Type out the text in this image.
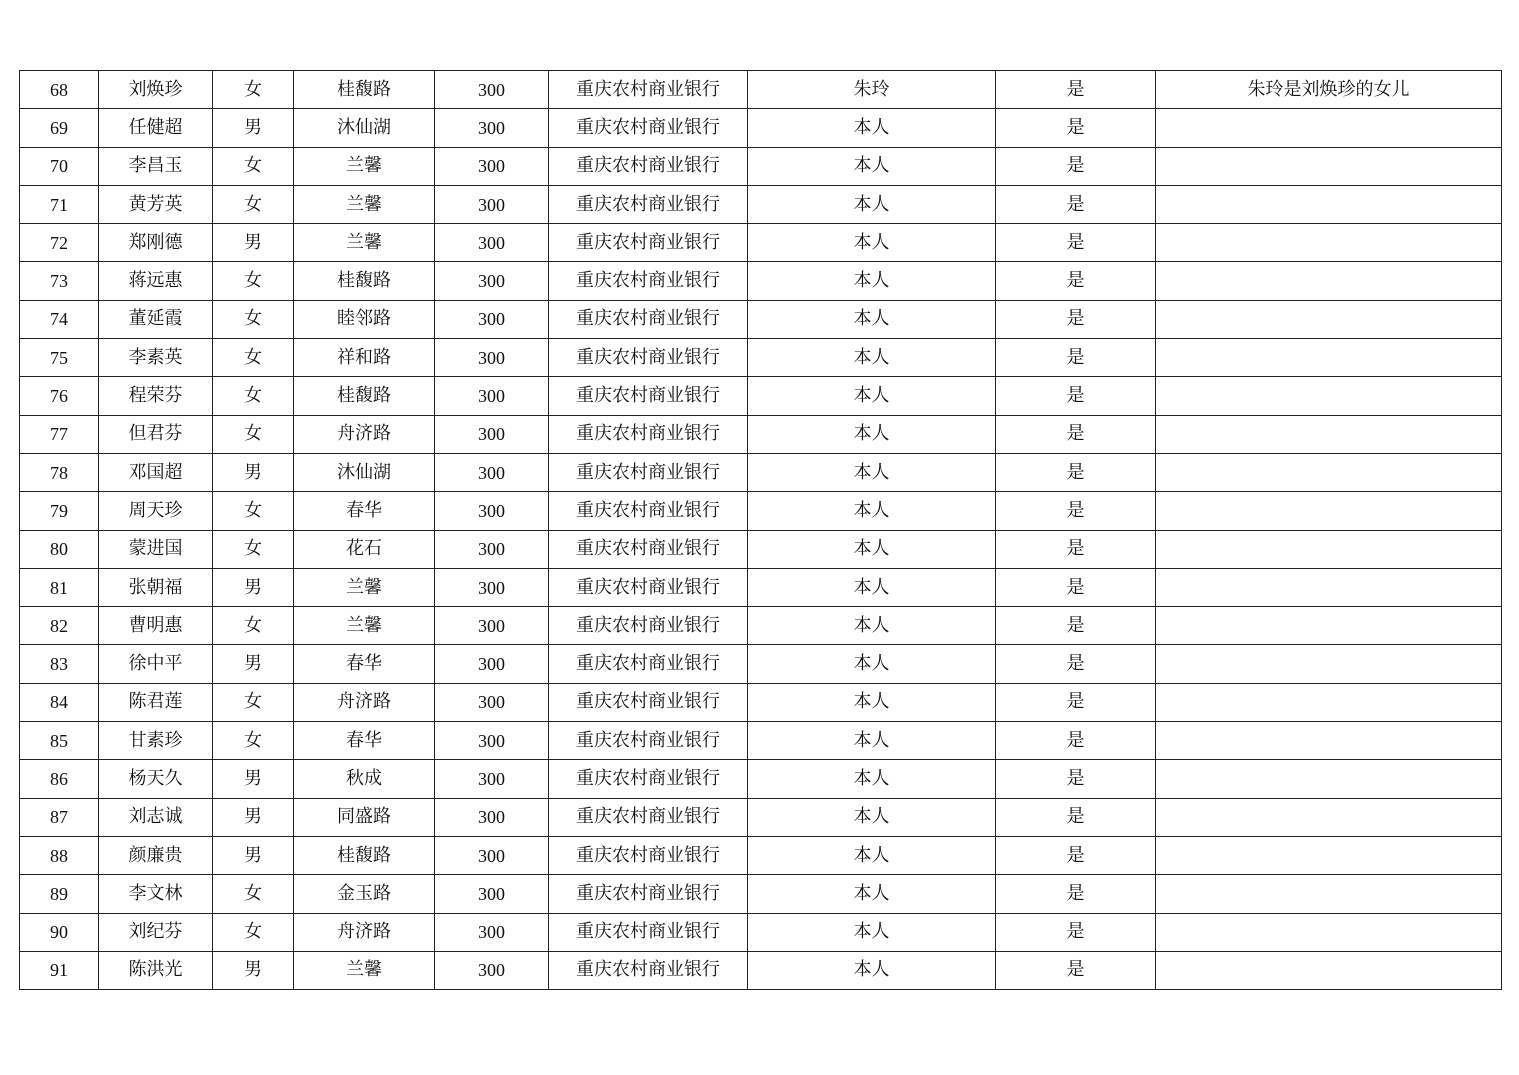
68	刘焕珍	女	桂馥路	300	重庆农村商业银行	朱玲	是	朱玲是刘焕珍的女儿
69	任健超	男	沐仙湖	300	重庆农村商业银行	本人	是	
70	李昌玉	女	兰馨	300	重庆农村商业银行	本人	是	
71	黄芳英	女	兰馨	300	重庆农村商业银行	本人	是	
72	郑刚德	男	兰馨	300	重庆农村商业银行	本人	是	
73	蒋远惠	女	桂馥路	300	重庆农村商业银行	本人	是	
74	董延霞	女	睦邻路	300	重庆农村商业银行	本人	是	
75	李素英	女	祥和路	300	重庆农村商业银行	本人	是	
76	程荣芬	女	桂馥路	300	重庆农村商业银行	本人	是	
77	但君芬	女	舟济路	300	重庆农村商业银行	本人	是	
78	邓国超	男	沐仙湖	300	重庆农村商业银行	本人	是	
79	周天珍	女	春华	300	重庆农村商业银行	本人	是	
80	蒙进国	女	花石	300	重庆农村商业银行	本人	是	
81	张朝福	男	兰馨	300	重庆农村商业银行	本人	是	
82	曹明惠	女	兰馨	300	重庆农村商业银行	本人	是	
83	徐中平	男	春华	300	重庆农村商业银行	本人	是	
84	陈君莲	女	舟济路	300	重庆农村商业银行	本人	是	
85	甘素珍	女	春华	300	重庆农村商业银行	本人	是	
86	杨天久	男	秋成	300	重庆农村商业银行	本人	是	
87	刘志诚	男	同盛路	300	重庆农村商业银行	本人	是	
88	颜廉贵	男	桂馥路	300	重庆农村商业银行	本人	是	
89	李文林	女	金玉路	300	重庆农村商业银行	本人	是	
90	刘纪芬	女	舟济路	300	重庆农村商业银行	本人	是	
91	陈洪光	男	兰馨	300	重庆农村商业银行	本人	是	
